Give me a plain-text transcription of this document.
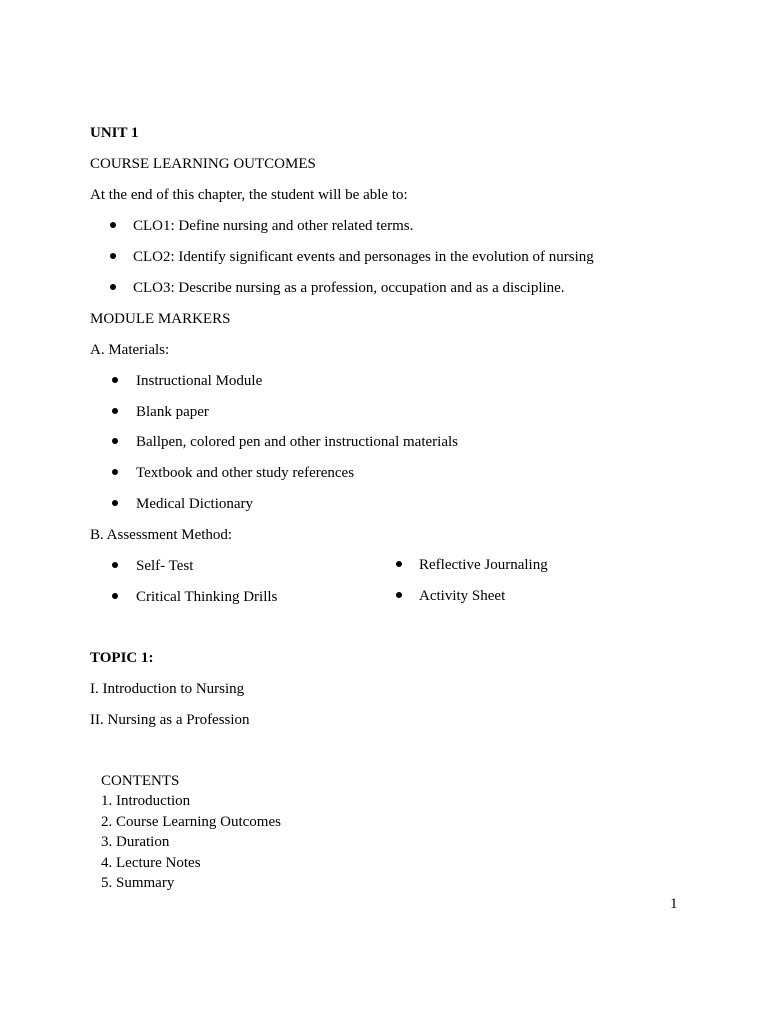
UNIT 1
COURSE LEARNING OUTCOMES
At the end of this chapter, the student will be able to:
CLO1: Define nursing and other related terms.
CLO2: Identify significant events and personages in the evolution of nursing
CLO3: Describe nursing as a profession, occupation and as a discipline.
MODULE MARKERS
A. Materials:
Instructional Module
Blank paper
Ballpen, colored pen and other instructional materials
Textbook and other study references
Medical Dictionary
B. Assessment Method:
Self- Test
Critical Thinking Drills
Reflective Journaling
Activity Sheet
TOPIC 1:
I. Introduction to Nursing
II. Nursing as a Profession
CONTENTS
1. Introduction
2. Course Learning Outcomes
3. Duration
4. Lecture Notes
5. Summary
1
